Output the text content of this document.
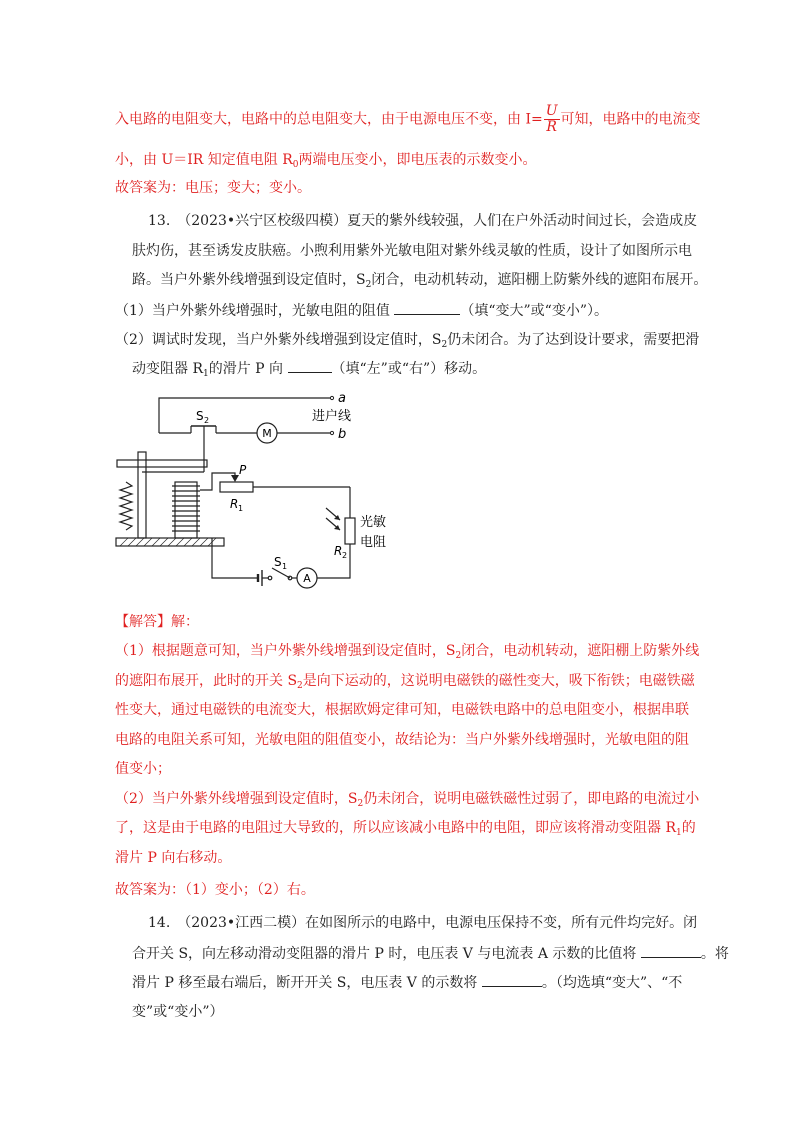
入电路的电阻变大，电路中的总电阻变大，由于电源电压不变，由 $I= \frac{U}{R}$ 可知，电路中的电流变
小，由 U＝IR 知定值电阻 $R_0$两端电压变小，即电压表的示数变小。
故答案为：电压；变大；变小。
13.　（2023•兴宁区校级四模）夏天的紫外线较强，人们在户外活动时间过长，会造成皮
肤灼伤，甚至诱发皮肤癌。小煦利用紫外光敏电阻对紫外线灵敏的性质，设计了如图所示电
路。当户外紫外线增强到设定值时，$S_2$闭合，电动机转动，遮阳棚上防紫外线的遮阳布展开。
（1）当户外紫外线增强时，光敏电阻的阻值	（填“变大”或“变小”）。
（2）调试时发现，当户外紫外线增强到设定值时，$S_2$仍未闭合。为了达到设计要求，需要把滑
动变阻器 $R_1$的滑片 P 向	（填“左”或“右”）移动。
a
b
S 2
M
进户线
P
R 1
R 2
光敏
电阻
S 1
A
【解答】解：
（1）根据题意可知，当户外紫外线增强到设定值时，$S_2$闭合，电动机转动，遮阳棚上防紫外线
的遮阳布展开，此时的开关 $S_2$是向下运动的，这说明电磁铁的磁性变大，吸下衔铁；电磁铁磁
性变大，通过电磁铁的电流变大，根据欧姆定律可知，电磁铁电路中的总电阻变小，根据串联
电路的电阻关系可知，光敏电阻的阻值变小，故结论为：当户外紫外线增强时，光敏电阻的阻
值变小；
（2）当户外紫外线增强到设定值时，$S_2$仍未闭合，说明电磁铁磁性过弱了，即电路的电流过小
了，这是由于电路的电阻过大导致的，所以应该减小电路中的电阻，即应该将滑动变阻器 $R_1$的
滑片 P 向右移动。
故答案为：（1）变小；（2）右。
14.　（2023•江西二模）在如图所示的电路中，电源电压保持不变，所有元件均完好。闭
合开关 S，向左移动滑动变阻器的滑片 P 时，电压表 V 与电流表 A 示数的比值将	。将
滑片 P 移至最右端后，断开开关 S，电压表 V 的示数将	。（均选填“变大”、“不
变”或“变小”）
